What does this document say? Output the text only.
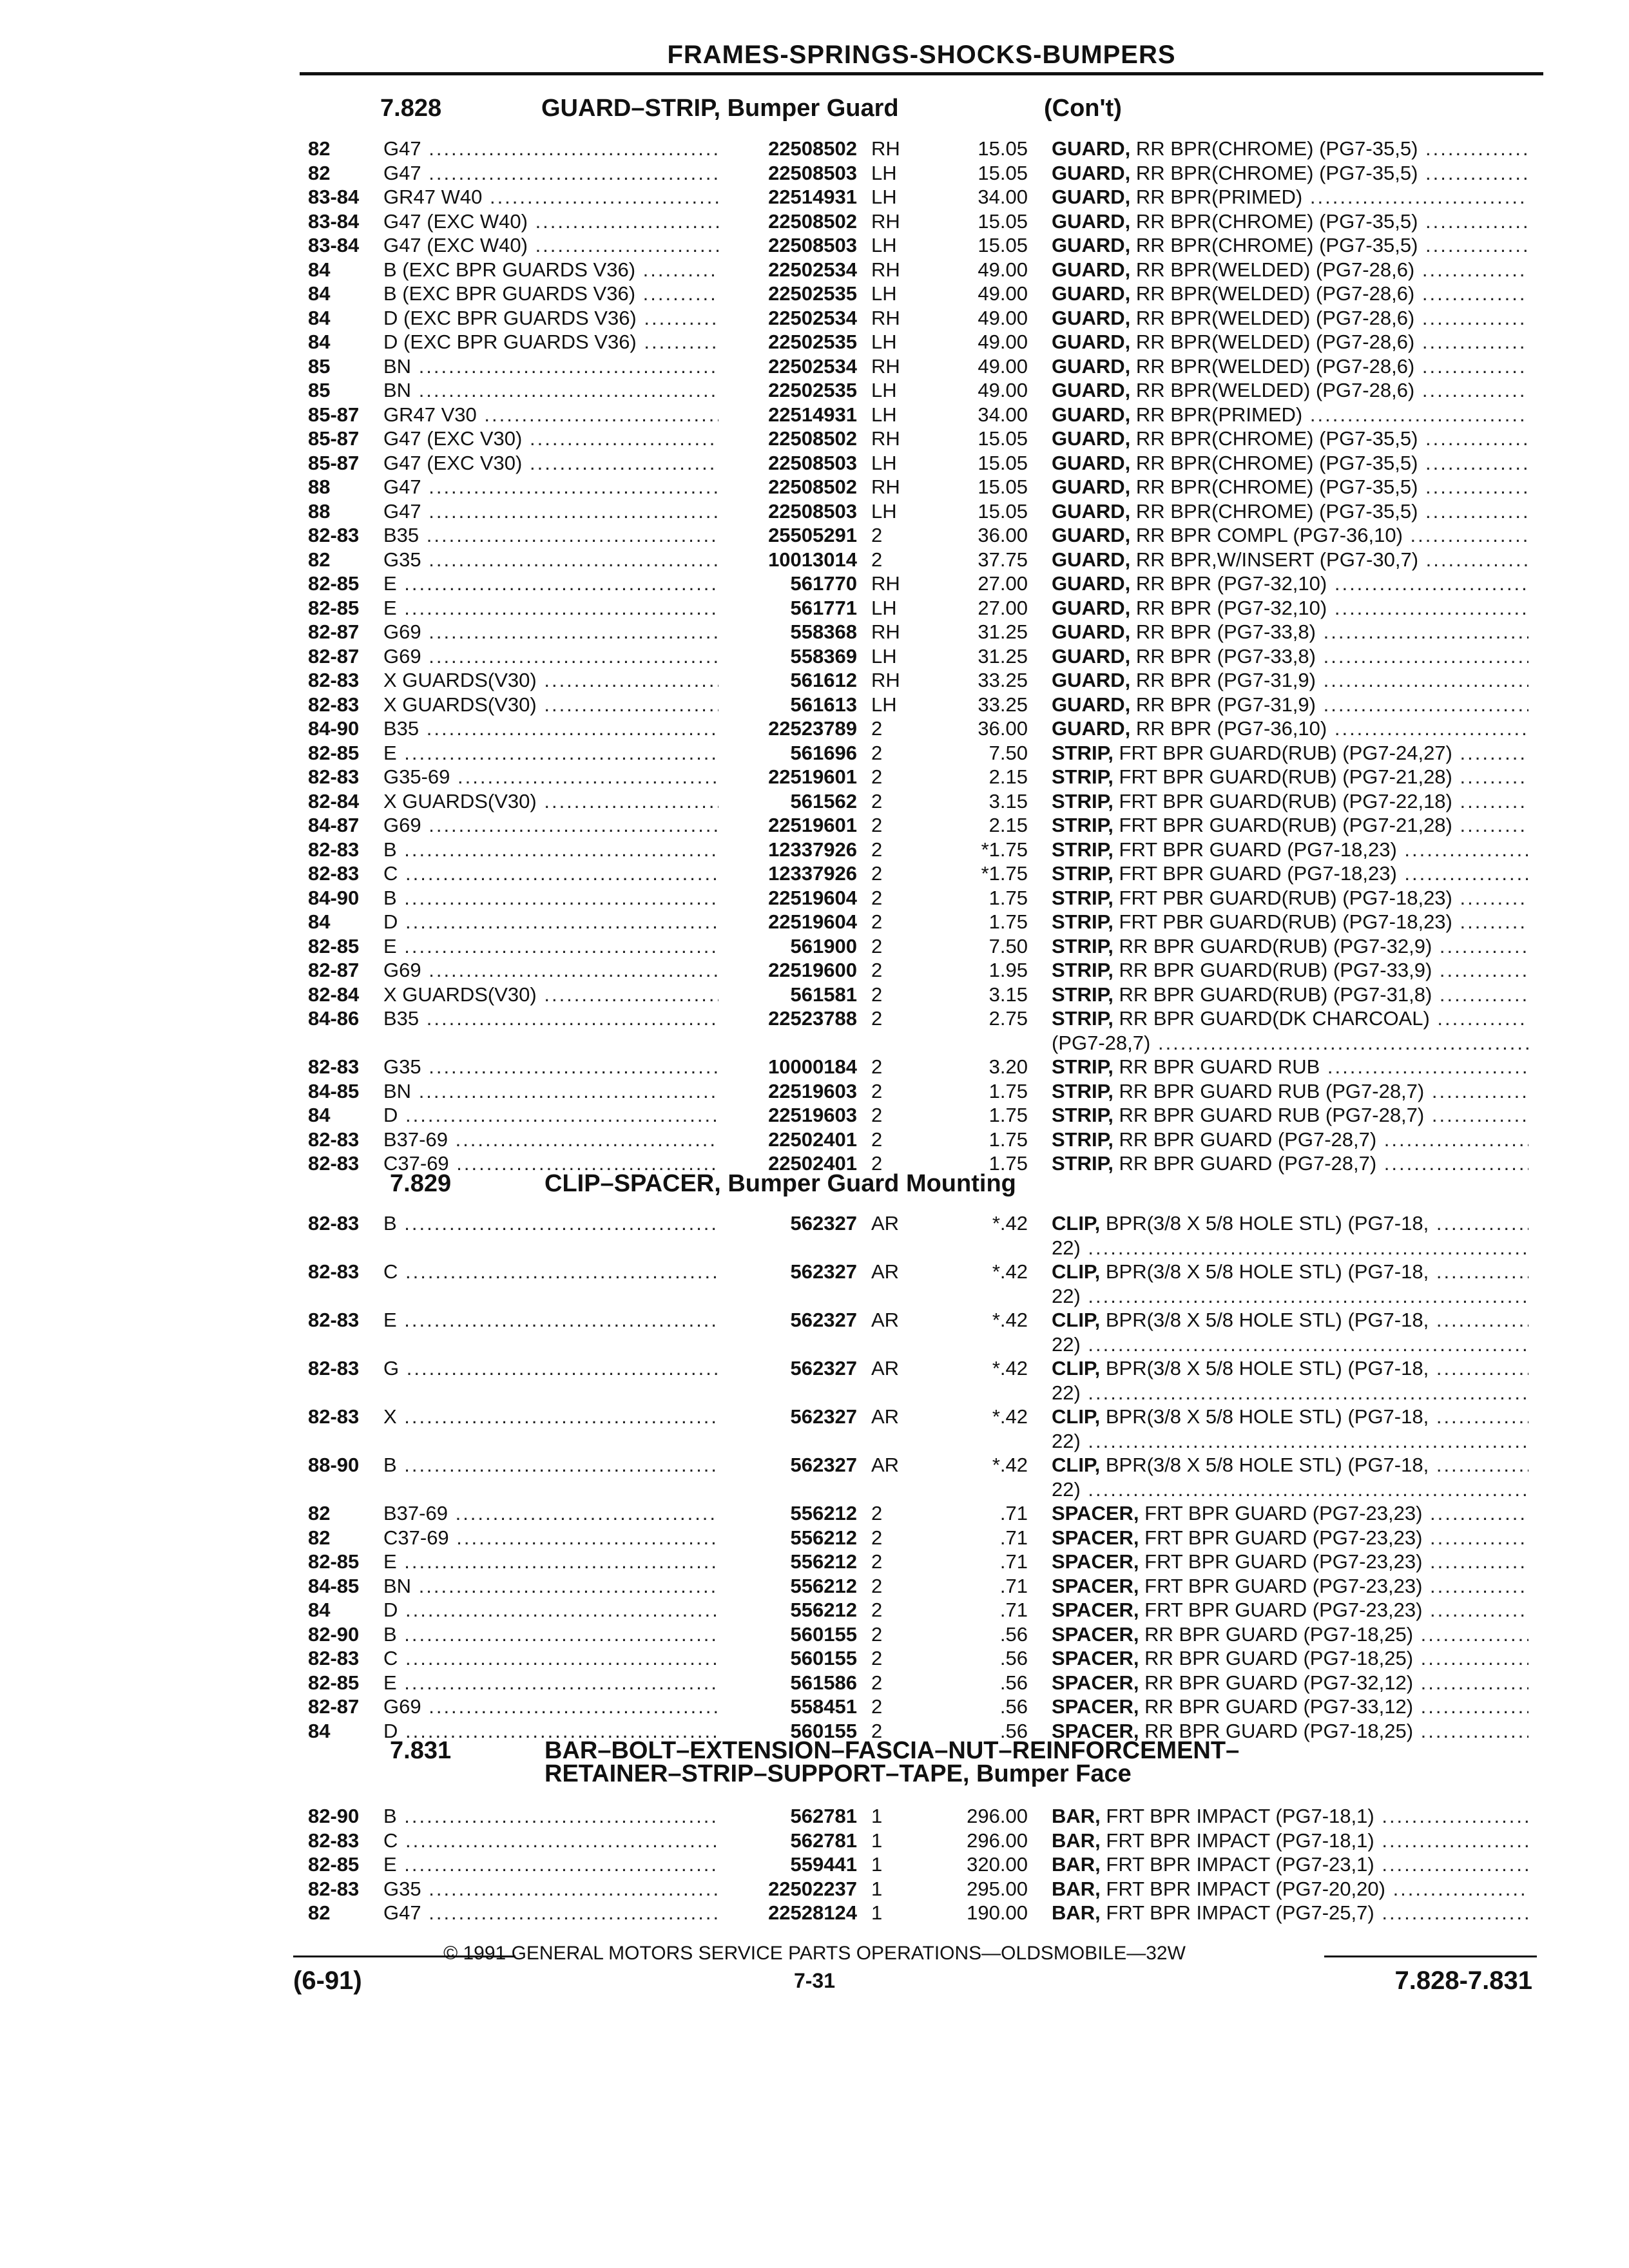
FRAMES-SPRINGS-SHOCKS-BUMPERS
7.828	GUARD–STRIP, Bumper Guard	(Con't)
7.829	CLIP–SPACER, Bumper Guard Mounting
7.831	BAR–BOLT–EXTENSION–FASCIA–NUT–REINFORCEMENT–
RETAINER–STRIP–SUPPORT–TAPE, Bumper Face
82	G47 .....	22508502 RH	15.05 GUARD, RR BPR(CHROME) (PG7-35,5) .....
82	G47 .....	22508503 LH	15.05 GUARD, RR BPR(CHROME) (PG7-35,5) .....
83-84 GR47 W40 .....	22514931 LH	34.00 GUARD, RR BPR(PRIMED) .....
83-84 G47 (EXC W40) .....	22508502 RH	15.05 GUARD, RR BPR(CHROME) (PG7-35,5) .....
83-84 G47 (EXC W40) .....	22508503 LH	15.05 GUARD, RR BPR(CHROME) (PG7-35,5) .....
84	B (EXC BPR GUARDS V36) .....	22502534 RH	49.00 GUARD, RR BPR(WELDED) (PG7-28,6) .....
84	B (EXC BPR GUARDS V36) .....	22502535 LH	49.00 GUARD, RR BPR(WELDED) (PG7-28,6) .....
84	D (EXC BPR GUARDS V36) .....	22502534 RH	49.00 GUARD, RR BPR(WELDED) (PG7-28,6) .....
84	D (EXC BPR GUARDS V36) .....	22502535 LH	49.00 GUARD, RR BPR(WELDED) (PG7-28,6) .....
85	BN .....	22502534 RH	49.00 GUARD, RR BPR(WELDED) (PG7-28,6) .....
85	BN .....	22502535 LH	49.00 GUARD, RR BPR(WELDED) (PG7-28,6) .....
85-87 GR47 V30 .....	22514931 LH	34.00 GUARD, RR BPR(PRIMED) .....
85-87 G47 (EXC V30) .....	22508502 RH	15.05 GUARD, RR BPR(CHROME) (PG7-35,5) .....
85-87 G47 (EXC V30) .....	22508503 LH	15.05 GUARD, RR BPR(CHROME) (PG7-35,5) .....
88	G47 .....	22508502 RH	15.05 GUARD, RR BPR(CHROME) (PG7-35,5) .....
88	G47 .....	22508503 LH	15.05 GUARD, RR BPR(CHROME) (PG7-35,5) .....
82-83 B35 .....	25505291 2	36.00 GUARD, RR BPR COMPL (PG7-36,10) .....
82	G35 .....	10013014 2	37.75 GUARD, RR BPR,W/INSERT (PG7-30,7) .....
82-85 E .....	561770 RH	27.00 GUARD, RR BPR (PG7-32,10) .....
82-85 E .....	561771 LH	27.00 GUARD, RR BPR (PG7-32,10) .....
82-87 G69 .....	558368 RH	31.25 GUARD, RR BPR (PG7-33,8) .....
82-87 G69 .....	558369 LH	31.25 GUARD, RR BPR (PG7-33,8) .....
82-83 X GUARDS(V30) .....	561612 RH	33.25 GUARD, RR BPR (PG7-31,9) .....
82-83 X GUARDS(V30) .....	561613 LH	33.25 GUARD, RR BPR (PG7-31,9) .....
84-90 B35 .....	22523789 2	36.00 GUARD, RR BPR (PG7-36,10) .....
82-85 E .....	561696 2	7.50 STRIP, FRT BPR GUARD(RUB) (PG7-24,27) .....
82-83 G35-69 .....	22519601 2	2.15 STRIP, FRT BPR GUARD(RUB) (PG7-21,28) .....
82-84 X GUARDS(V30) .....	561562 2	3.15 STRIP, FRT BPR GUARD(RUB) (PG7-22,18) .....
84-87 G69 .....	22519601 2	2.15 STRIP, FRT BPR GUARD(RUB) (PG7-21,28) .....
82-83 B .....	12337926 2	*1.75 STRIP, FRT BPR GUARD (PG7-18,23) .....
82-83 C .....	12337926 2	*1.75 STRIP, FRT BPR GUARD (PG7-18,23) .....
84-90 B .....	22519604 2	1.75 STRIP, FRT PBR GUARD(RUB) (PG7-18,23) .....
84	D .....	22519604 2	1.75 STRIP, FRT PBR GUARD(RUB) (PG7-18,23) .....
82-85 E .....	561900 2	7.50 STRIP, RR BPR GUARD(RUB) (PG7-32,9) .....
82-87 G69 .....	22519600 2	1.95 STRIP, RR BPR GUARD(RUB) (PG7-33,9) .....
82-84 X GUARDS(V30) .....	561581 2	3.15 STRIP, RR BPR GUARD(RUB) (PG7-31,8) .....
84-86 B35 .....	22523788 2	2.75 STRIP, RR BPR GUARD(DK CHARCOAL) .....
(PG7-28,7) .....
82-83 G35 .....	10000184 2	3.20 STRIP, RR BPR GUARD RUB .....
84-85 BN .....	22519603 2	1.75 STRIP, RR BPR GUARD RUB (PG7-28,7) .....
84	D .....	22519603 2	1.75 STRIP, RR BPR GUARD RUB (PG7-28,7) .....
82-83 B37-69 .....	22502401 2	1.75 STRIP, RR BPR GUARD (PG7-28,7) .....
82-83 C37-69 .....	22502401 2	1.75 STRIP, RR BPR GUARD (PG7-28,7) .....
82-83 B .....	562327 AR	*.42 CLIP, BPR(3/8 X 5/8 HOLE STL) (PG7-18, .....
22) .....
82-83 C .....	562327 AR	*.42 CLIP, BPR(3/8 X 5/8 HOLE STL) (PG7-18, .....
22) .....
82-83 E .....	562327 AR	*.42 CLIP, BPR(3/8 X 5/8 HOLE STL) (PG7-18, .....
22) .....
82-83 G .....	562327 AR	*.42 CLIP, BPR(3/8 X 5/8 HOLE STL) (PG7-18, .....
22) .....
82-83 X .....	562327 AR	*.42 CLIP, BPR(3/8 X 5/8 HOLE STL) (PG7-18, .....
22) .....
88-90 B .....	562327 AR	*.42 CLIP, BPR(3/8 X 5/8 HOLE STL) (PG7-18, .....
22) .....
82	B37-69 .....	556212 2	.71 SPACER, FRT BPR GUARD (PG7-23,23) .....
82	C37-69 .....	556212 2	.71 SPACER, FRT BPR GUARD (PG7-23,23) .....
82-85 E .....	556212 2	.71 SPACER, FRT BPR GUARD (PG7-23,23) .....
84-85 BN .....	556212 2	.71 SPACER, FRT BPR GUARD (PG7-23,23) .....
84	D .....	556212 2	.71 SPACER, FRT BPR GUARD (PG7-23,23) .....
82-90 B .....	560155 2	.56 SPACER, RR BPR GUARD (PG7-18,25) .....
82-83 C .....	560155 2	.56 SPACER, RR BPR GUARD (PG7-18,25) .....
82-85 E .....	561586 2	.56 SPACER, RR BPR GUARD (PG7-32,12) .....
82-87 G69 .....	558451 2	.56 SPACER, RR BPR GUARD (PG7-33,12) .....
84	D .....	560155 2	.56 SPACER, RR BPR GUARD (PG7-18,25) .....
82-90 B .....	562781 1	296.00 BAR, FRT BPR IMPACT (PG7-18,1) .....
82-83 C .....	562781 1	296.00 BAR, FRT BPR IMPACT (PG7-18,1) .....
82-85 E .....	559441 1	320.00 BAR, FRT BPR IMPACT (PG7-23,1) .....
82-83 G35 .....	22502237 1	295.00 BAR, FRT BPR IMPACT (PG7-20,20) .....
82	G47 .....	22528124 1	190.00 BAR, FRT BPR IMPACT (PG7-25,7) .....
© 1991 GENERAL MOTORS SERVICE PARTS OPERATIONS—OLDSMOBILE—32W
(6-91)	7-31	7.828-7.831
